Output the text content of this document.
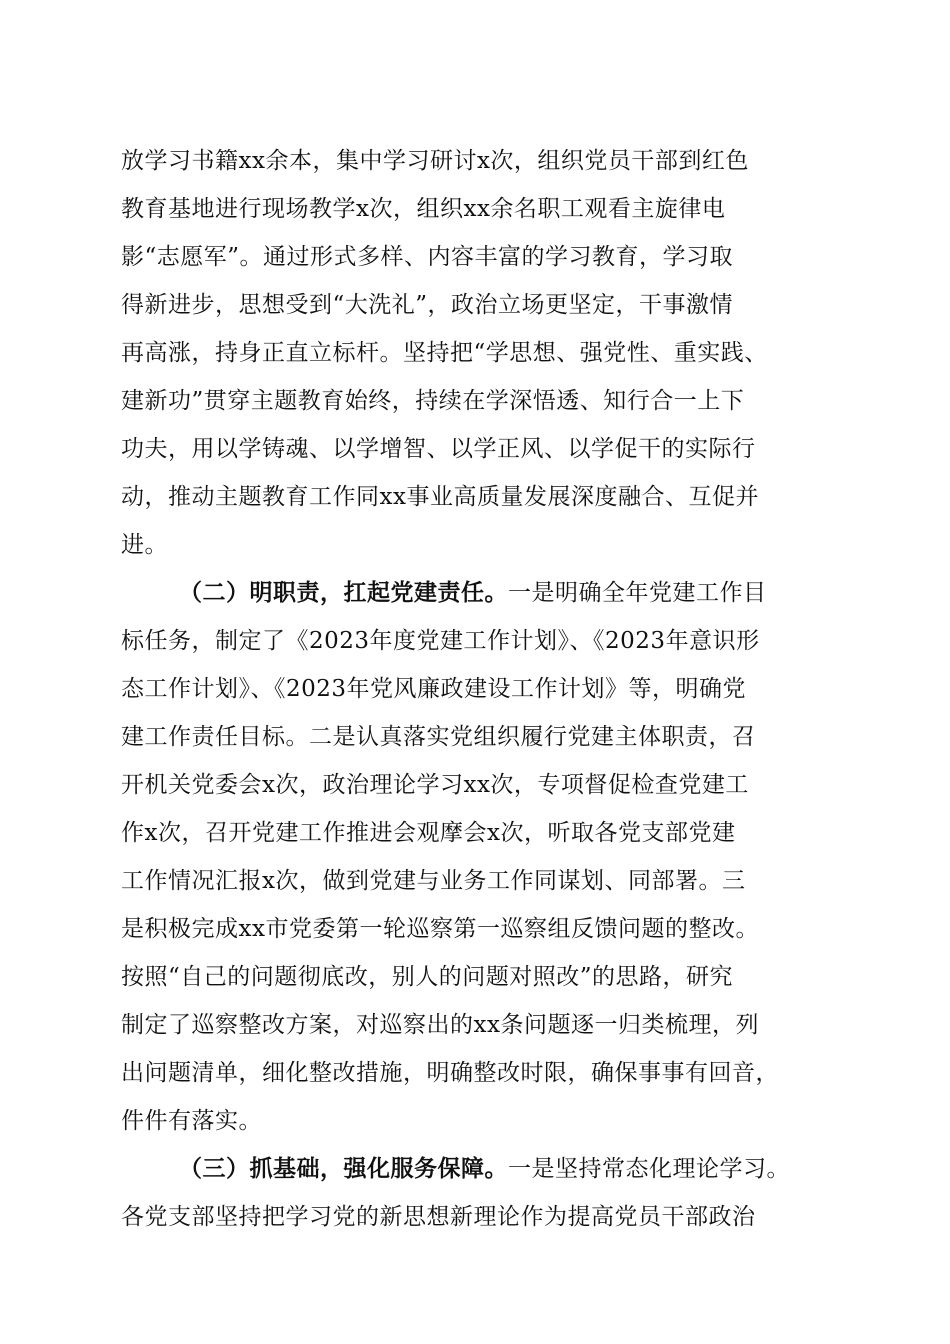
放学习书籍xx余本，集中学习研讨x次，组织党员干部到红色
教育基地进行现场教学x次，组织xx余名职工观看主旋律电
影“志愿军”。通过形式多样、内容丰富的学习教育，学习取
得新进步，思想受到“大洗礼”，政治立场更坚定，干事激情
再高涨，持身正直立标杆。坚持把“学思想、强党性、重实践、
建新功”贯穿主题教育始终，持续在学深悟透、知行合一上下
功夫，用以学铸魂、以学增智、以学正风、以学促干的实际行
动，推动主题教育工作同xx事业高质量发展深度融合、互促并
进。
（二）明职责，扛起党建责任。一是明确全年党建工作目
标任务，制定了《2023年度党建工作计划》、《2023年意识形
态工作计划》、《2023年党风廉政建设工作计划》等，明确党
建工作责任目标。二是认真落实党组织履行党建主体职责，召
开机关党委会x次，政治理论学习xx次，专项督促检查党建工
作x次，召开党建工作推进会观摩会x次，听取各党支部党建
工作情况汇报x次，做到党建与业务工作同谋划、同部署。三
是积极完成xx市党委第一轮巡察第一巡察组反馈问题的整改。
按照“自己的问题彻底改，别人的问题对照改”的思路，研究
制定了巡察整改方案，对巡察出的xx条问题逐一归类梳理，列
出问题清单，细化整改措施，明确整改时限，确保事事有回音，
件件有落实。
（三）抓基础，强化服务保障。一是坚持常态化理论学习。
各党支部坚持把学习党的新思想新理论作为提高党员干部政治
